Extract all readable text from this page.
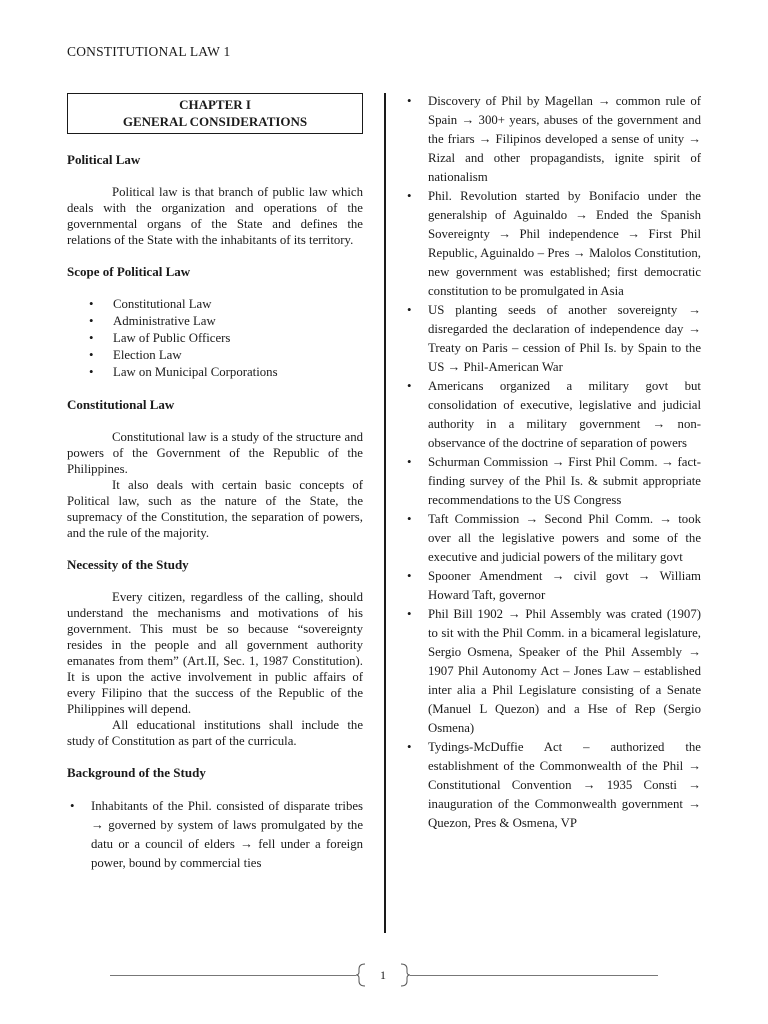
CONSTITUTIONAL LAW 1
CHAPTER I
GENERAL CONSIDERATIONS
Political Law

Political law is that branch of public law which deals with the organization and operations of the governmental organs of the State and defines the relations of the State with the inhabitants of its territory.

Scope of Political Law
• Constitutional Law
• Administrative Law
• Law of Public Officers
• Election Law
• Law on Municipal Corporations
Constitutional Law

Constitutional law is a study of the structure and powers of the Government of the Republic of the Philippines.

It also deals with certain basic concepts of Political law, such as the nature of the State, the supremacy of the Constitution, the separation of powers, and the rule of the majority.

Necessity of the Study

Every citizen, regardless of the calling, should understand the mechanisms and motivations of his government. This must be so because “sovereignty resides in the people and all government authority emanates from them” (Art.II, Sec. 1, 1987 Constitution). It is upon the active involvement in public affairs of every Filipino that the success of the Republic of the Philippines will depend.

All educational institutions shall include the study of Constitution as part of the curricula.

Background of the Study
• Inhabitants of the Phil. consisted of disparate tribes → governed by system of laws promulgated by the datu or a council of elders → fell under a foreign power, bound by commercial ties
• Discovery of Phil by Magellan → common rule of Spain → 300+ years, abuses of the government and the friars → Filipinos developed a sense of unity → Rizal and other propagandists, ignite spirit of nationalism
• Phil. Revolution started by Bonifacio under the generalship of Aguinaldo → Ended the Spanish Sovereignty → Phil independence → First Phil Republic, Aguinaldo – Pres → Malolos Constitution, new government was established; first democratic constitution to be promulgated in Asia
• US planting seeds of another sovereignty → disregarded the declaration of independence day → Treaty on Paris – cession of Phil Is. by Spain to the US → Phil-American War
• Americans organized a military govt but consolidation of executive, legislative and judicial authority in a military government → non-observance of the doctrine of separation of powers
• Schurman Commission → First Phil Comm. → fact-finding survey of the Phil Is. & submit appropriate recommendations to the US Congress
• Taft Commission → Second Phil Comm. → took over all the legislative powers and some of the executive and judicial powers of the military govt
• Spooner Amendment → civil govt → William Howard Taft, governor
• Phil Bill 1902 → Phil Assembly was crated (1907) to sit with the Phil Comm. in a bicameral legislature, Sergio Osmena, Speaker of the Phil Assembly → 1907 Phil Autonomy Act – Jones Law – established inter alia a Phil Legislature consisting of a Senate (Manuel L Quezon) and a Hse of Rep (Sergio Osmena)
• Tydings-McDuffie Act – authorized the establishment of the Commonwealth of the Phil → Constitutional Convention → 1935 Consti → inauguration of the Commonwealth government → Quezon, Pres & Osmena, VP
1
